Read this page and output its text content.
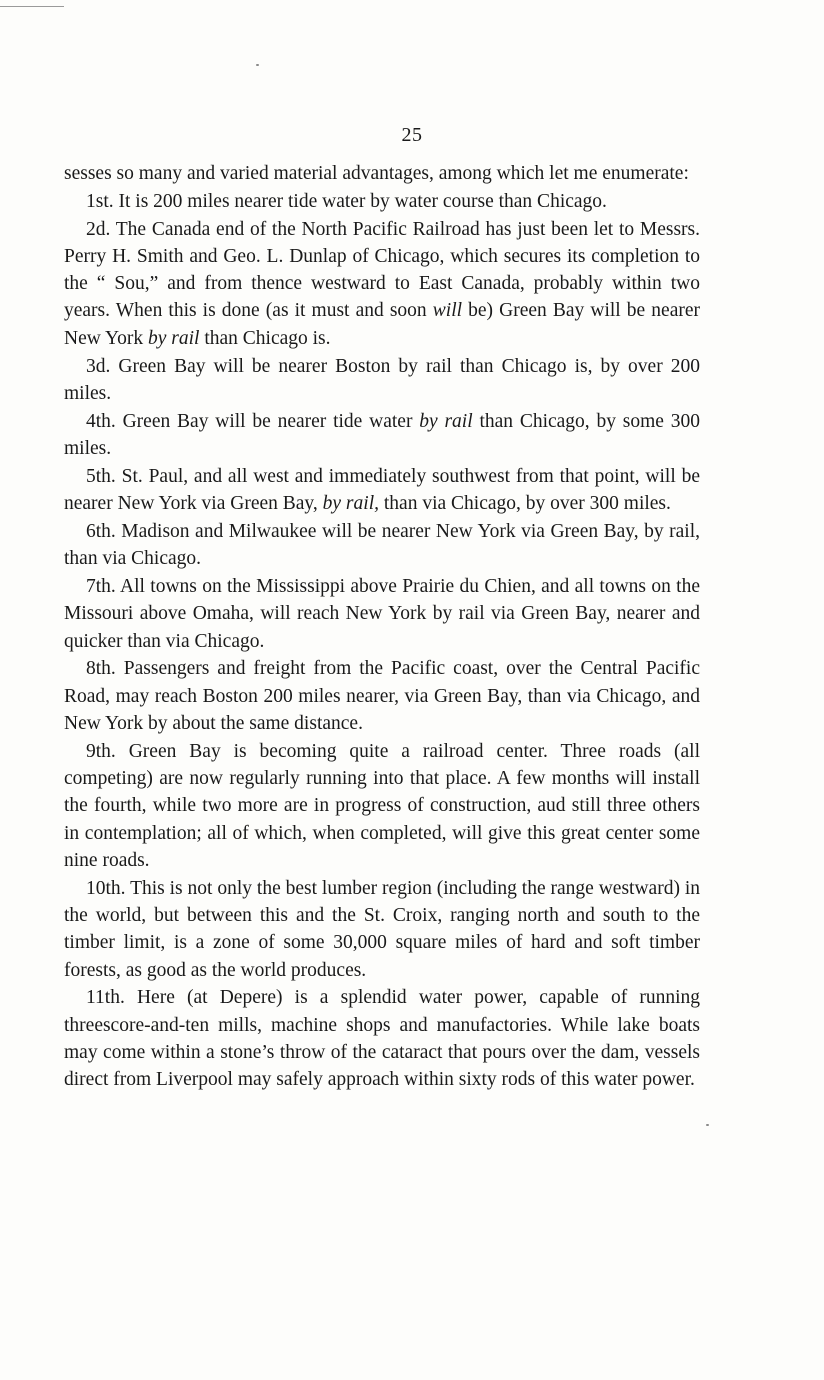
25

sesses so many and varied material advantages, among which let me enumerate:

1st. It is 200 miles nearer tide water by water course than Chicago.

2d. The Canada end of the North Pacific Railroad has just been let to Messrs. Perry H. Smith and Geo. L. Dunlap of Chicago, which secures its completion to the “ Sou,” and from thence westward to East Canada, probably within two years. When this is done (as it must and soon will be) Green Bay will be nearer New York by rail than Chicago is.

3d. Green Bay will be nearer Boston by rail than Chicago is, by over 200 miles.

4th. Green Bay will be nearer tide water by rail than Chicago, by some 300 miles.

5th. St. Paul, and all west and immediately southwest from that point, will be nearer New York via Green Bay, by rail, than via Chicago, by over 300 miles.

6th. Madison and Milwaukee will be nearer New York via Green Bay, by rail, than via Chicago.

7th. All towns on the Mississippi above Prairie du Chien, and all towns on the Missouri above Omaha, will reach New York by rail via Green Bay, nearer and quicker than via Chicago.

8th. Passengers and freight from the Pacific coast, over the Central Pacific Road, may reach Boston 200 miles nearer, via Green Bay, than via Chicago, and New York by about the same distance.

9th. Green Bay is becoming quite a railroad center. Three roads (all competing) are now regularly running into that place. A few months will install the fourth, while two more are in progress of construction, aud still three others in contemplation; all of which, when completed, will give this great center some nine roads.

10th. This is not only the best lumber region (including the range westward) in the world, but between this and the St. Croix, ranging north and south to the timber limit, is a zone of some 30,000 square miles of hard and soft timber forests, as good as the world produces.

11th. Here (at Depere) is a splendid water power, capable of running threescore-and-ten mills, machine shops and manufactories. While lake boats may come within a stone’s throw of the cataract that pours over the dam, vessels direct from Liverpool may safely approach within sixty rods of this water power.
